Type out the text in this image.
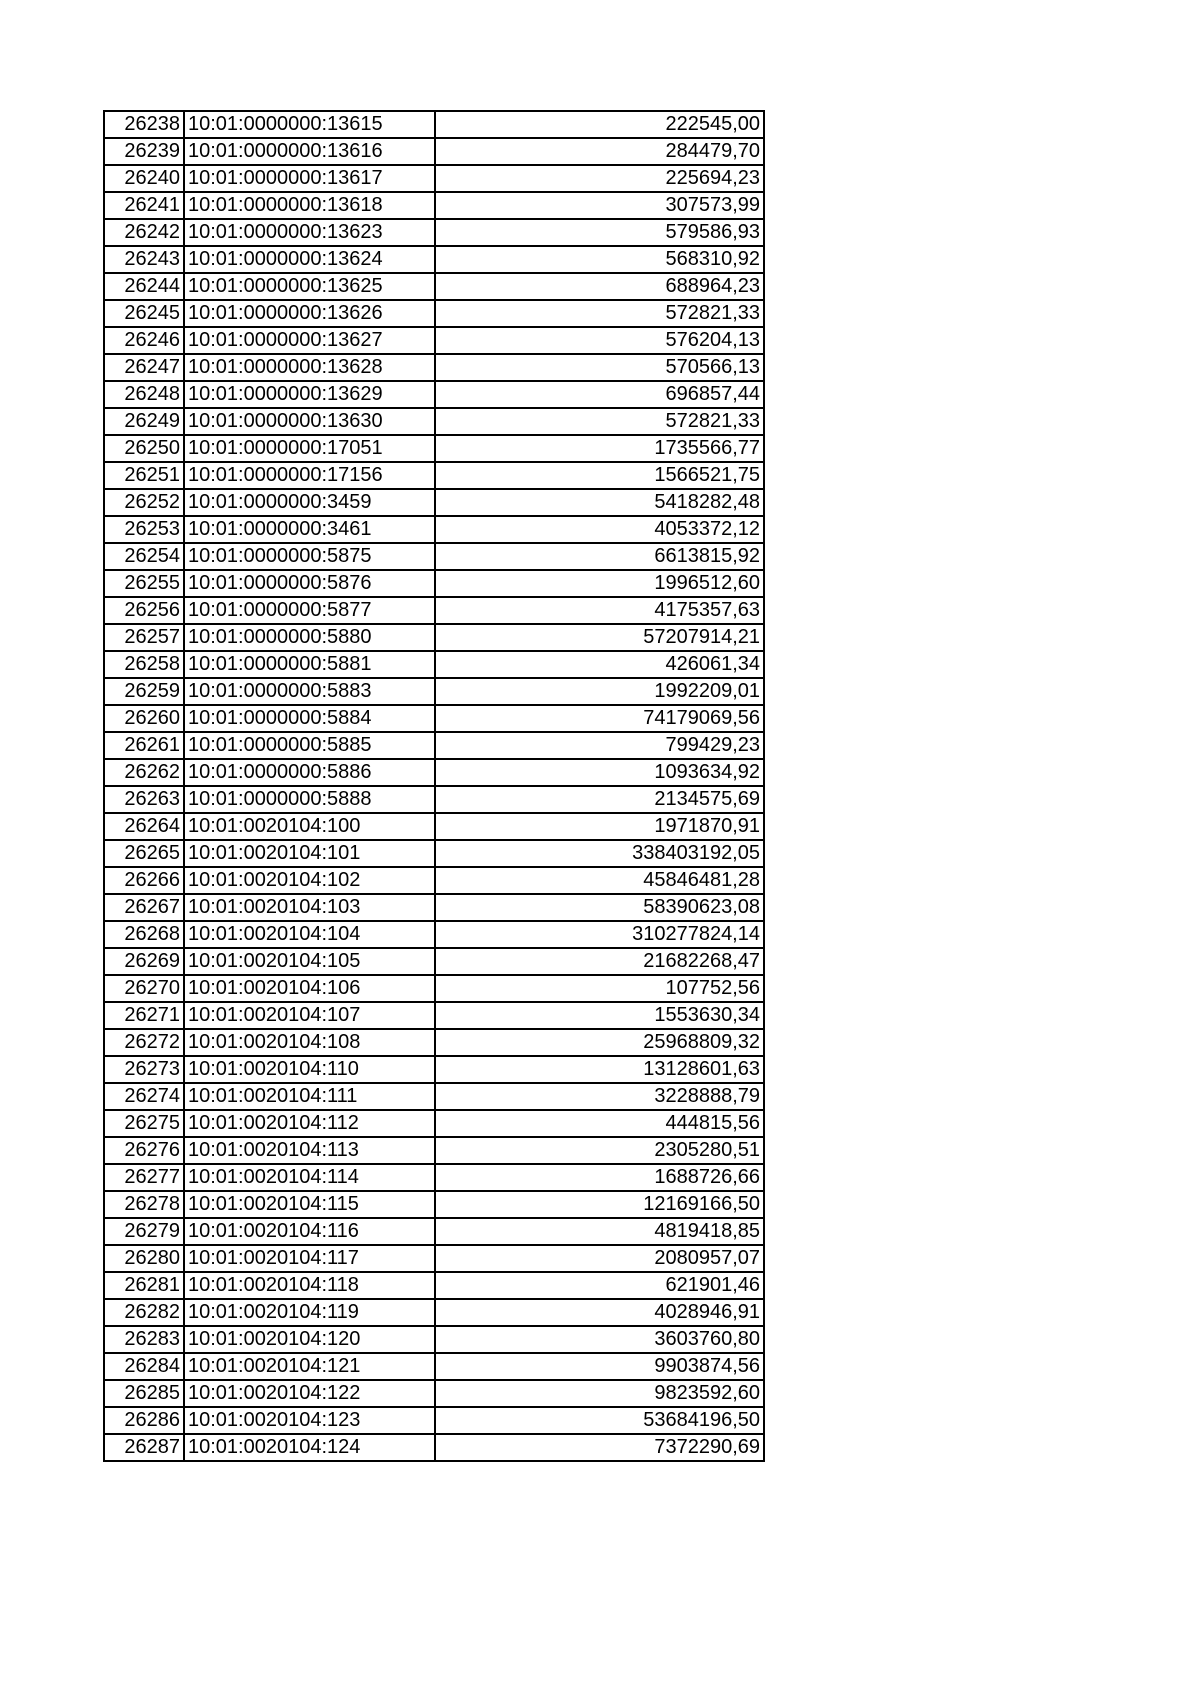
26238	10:01:0000000:13615	222545,00
26239	10:01:0000000:13616	284479,70
26240	10:01:0000000:13617	225694,23
26241	10:01:0000000:13618	307573,99
26242	10:01:0000000:13623	579586,93
26243	10:01:0000000:13624	568310,92
26244	10:01:0000000:13625	688964,23
26245	10:01:0000000:13626	572821,33
26246	10:01:0000000:13627	576204,13
26247	10:01:0000000:13628	570566,13
26248	10:01:0000000:13629	696857,44
26249	10:01:0000000:13630	572821,33
26250	10:01:0000000:17051	1735566,77
26251	10:01:0000000:17156	1566521,75
26252	10:01:0000000:3459	5418282,48
26253	10:01:0000000:3461	4053372,12
26254	10:01:0000000:5875	6613815,92
26255	10:01:0000000:5876	1996512,60
26256	10:01:0000000:5877	4175357,63
26257	10:01:0000000:5880	57207914,21
26258	10:01:0000000:5881	426061,34
26259	10:01:0000000:5883	1992209,01
26260	10:01:0000000:5884	74179069,56
26261	10:01:0000000:5885	799429,23
26262	10:01:0000000:5886	1093634,92
26263	10:01:0000000:5888	2134575,69
26264	10:01:0020104:100	1971870,91
26265	10:01:0020104:101	338403192,05
26266	10:01:0020104:102	45846481,28
26267	10:01:0020104:103	58390623,08
26268	10:01:0020104:104	310277824,14
26269	10:01:0020104:105	21682268,47
26270	10:01:0020104:106	107752,56
26271	10:01:0020104:107	1553630,34
26272	10:01:0020104:108	25968809,32
26273	10:01:0020104:110	13128601,63
26274	10:01:0020104:111	3228888,79
26275	10:01:0020104:112	444815,56
26276	10:01:0020104:113	2305280,51
26277	10:01:0020104:114	1688726,66
26278	10:01:0020104:115	12169166,50
26279	10:01:0020104:116	4819418,85
26280	10:01:0020104:117	2080957,07
26281	10:01:0020104:118	621901,46
26282	10:01:0020104:119	4028946,91
26283	10:01:0020104:120	3603760,80
26284	10:01:0020104:121	9903874,56
26285	10:01:0020104:122	9823592,60
26286	10:01:0020104:123	53684196,50
26287	10:01:0020104:124	7372290,69
